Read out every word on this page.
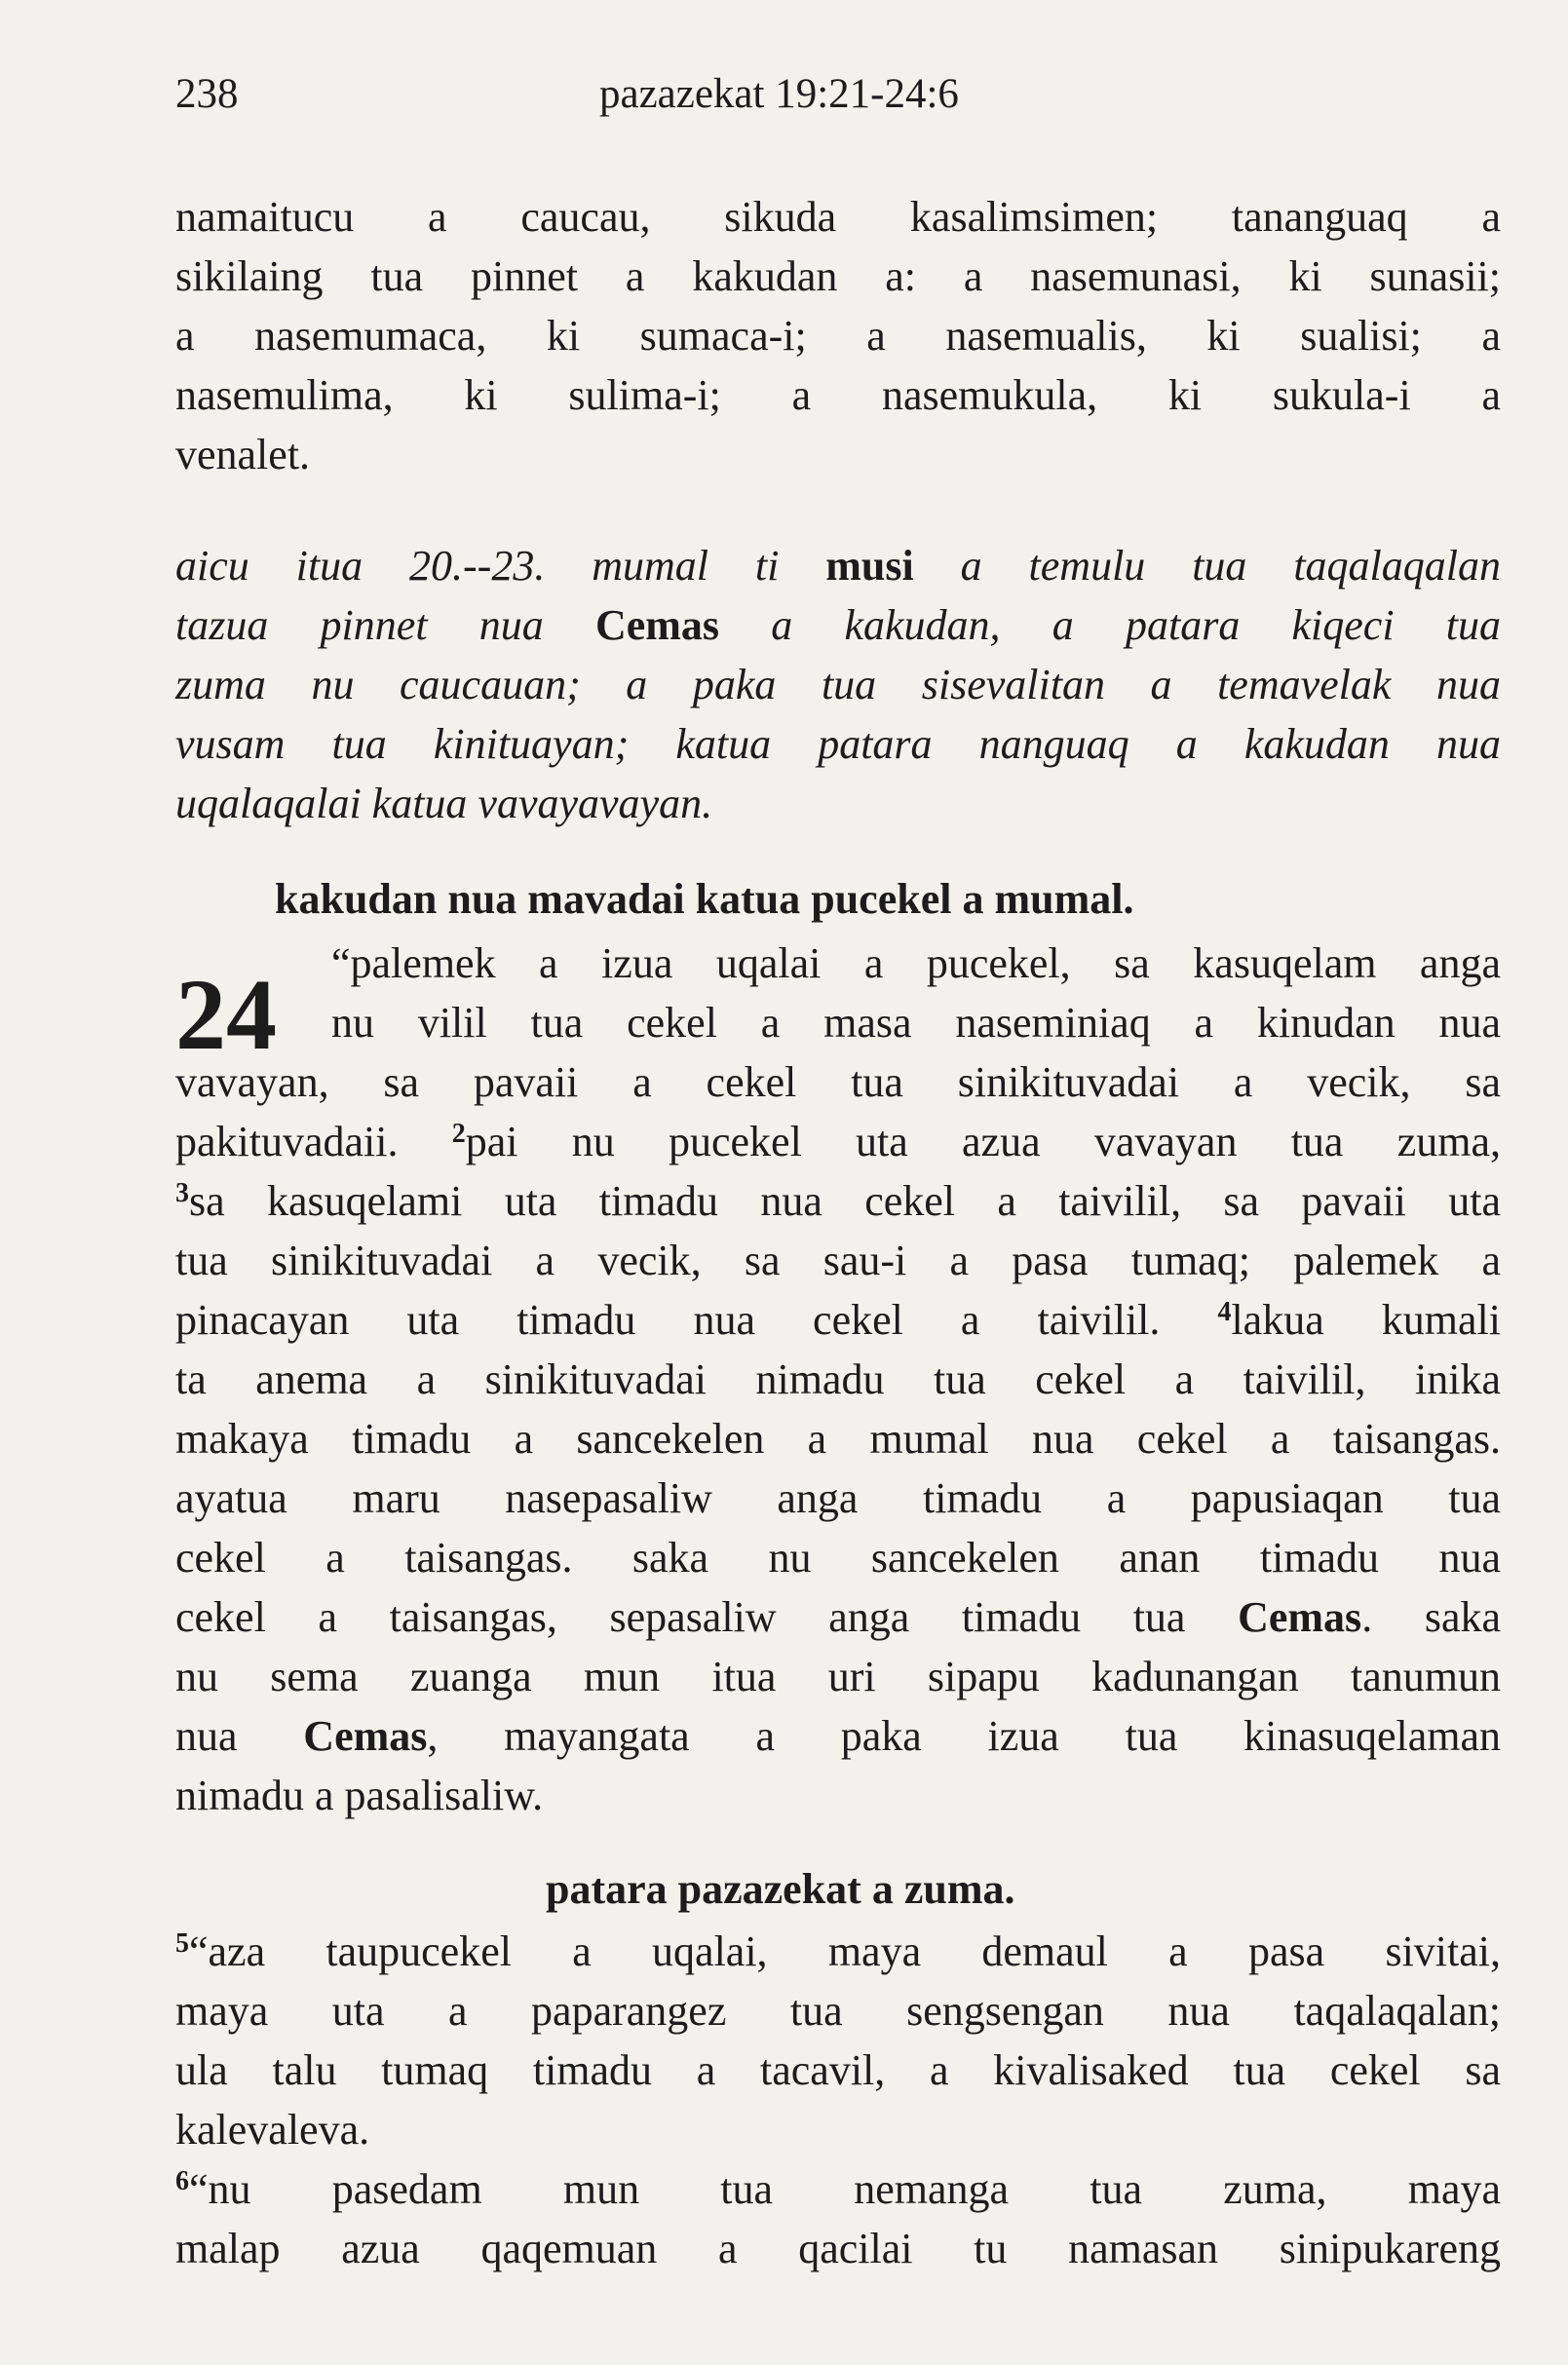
238	pazazekat 19:21-24:6

namaitucu a caucau, sikuda kasalimsimen; tananguaq a

sikilaing tua pinnet a kakudan a: a nasemunasi, ki sunasii;

a nasemumaca, ki sumaca-i; a nasemualis, ki sualisi; a

nasemulima, ki sulima-i; a nasemukula, ki sukula-i a

venalet.

aicu itua 20.--23. mumal ti musi a temulu tua taqalaqalan

tazua pinnet nua Cemas a kakudan, a patara kiqeci tua

zuma nu caucauan; a paka tua sisevalitan a temavelak nua

vusam tua kinituayan; katua patara nanguaq a kakudan nua

uqalaqalai katua vavayavayan.

kakudan nua mavadai katua pucekel a mumal.
24	“palemek a izua uqalai a pucekel, sa kasuqelam anga

nu vilil tua cekel a masa naseminiaq a kinudan nua

vavayan, sa pavaii a cekel tua sinikituvadai a vecik, sa

pakituvadaii. $^2$pai nu pucekel uta azua vavayan tua zuma,

$^3$sa kasuqelami uta timadu nua cekel a taivilil, sa pavaii uta

tua sinikituvadai a vecik, sa sau-i a pasa tumaq; palemek a

pinacayan uta timadu nua cekel a taivilil. $^4$lakua kumali

ta anema a sinikituvadai nimadu tua cekel a taivilil, inika

makaya timadu a sancekelen a mumal nua cekel a taisangas.

ayatua maru nasepasaliw anga timadu a papusiaqan tua

cekel a taisangas. saka nu sancekelen anan timadu nua

cekel a taisangas, sepasaliw anga timadu tua Cemas. saka

nu sema zuanga mun itua uri sipapu kadunangan tanumun

nua Cemas, mayangata a paka izua tua kinasuqelaman

nimadu a pasalisaliw.

patara pazazekat a zuma.

$^5$“aza taupucekel a uqalai, maya demaul a pasa sivitai,

maya uta a paparangez tua sengsengan nua taqalaqalan;

ula talu tumaq timadu a tacavil, a kivalisaked tua cekel sa

kalevaleva.

$^6$“nu pasedam mun tua nemanga tua zuma, maya

malap azua qaqemuan a qacilai tu namasan sinipukareng
